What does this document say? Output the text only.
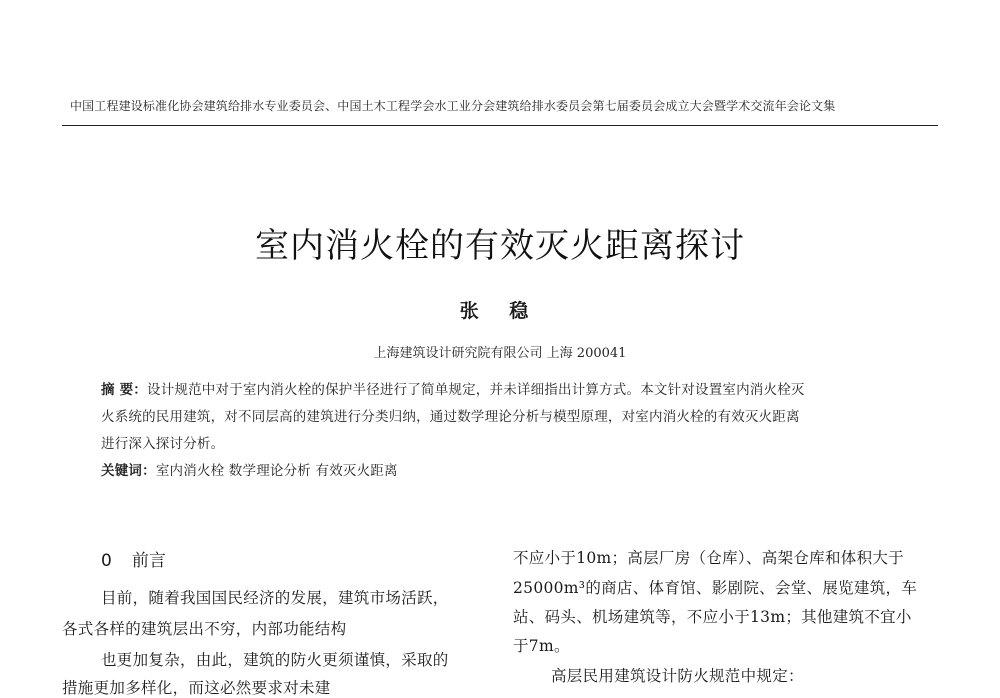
中国工程建设标准化协会建筑给排水专业委员会、中国土木工程学会水工业分会建筑给排水委员会第七届委员会成立大会暨学术交流年会论文集
室内消火栓的有效灭火距离探讨
张 稳
上海建筑设计研究院有限公司 上海 200041
摘 要：设计规范中对于室内消火栓的保护半径进行了简单规定，并未详细指出计算方式。本文针对设置室内消火栓灭
火系统的民用建筑，对不同层高的建筑进行分类归纳，通过数学理论分析与模型原理，对室内消火栓的有效灭火距离
进行深入探讨分析。
关键词：室内消火栓 数学理论分析 有效灭火距离
0 前言
目前，随着我国国民经济的发展，建筑市场活跃，
各式各样的建筑层出不穷，内部功能结构
也更加复杂，由此，建筑的防火更须谨慎，采取的
措施更加多样化，而这必然要求对未建
不应小于10m；高层厂房（仓库）、高架仓库和体积大于
25000m³的商店、体育馆、影剧院、会堂、展览建筑，车
站、码头、机场建筑等，不应小于13m；其他建筑不宜小
于7m。
高层民用建筑设计防火规范中规定：
